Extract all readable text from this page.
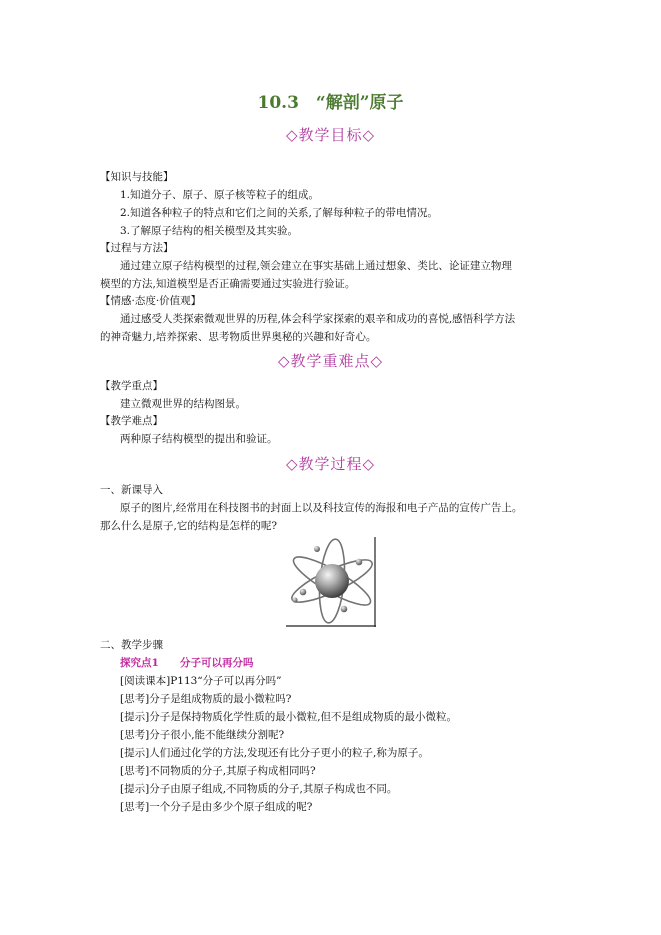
10.3　“解剖”原子
◇教学目标◇
【知识与技能】
1.知道分子、原子、原子核等粒子的组成。
2.知道各种粒子的特点和它们之间的关系,了解每种粒子的带电情况。
3.了解原子结构的相关模型及其实验。
【过程与方法】
通过建立原子结构模型的过程,领会建立在事实基础上通过想象、类比、论证建立物理
模型的方法,知道模型是否正确需要通过实验进行验证。
【情感·态度·价值观】
通过感受人类探索微观世界的历程,体会科学家探索的艰辛和成功的喜悦,感悟科学方法
的神奇魅力,培养探索、思考物质世界奥秘的兴趣和好奇心。
◇教学重难点◇
【教学重点】
建立微观世界的结构图景。
【教学难点】
两种原子结构模型的提出和验证。
◇教学过程◇
一、新课导入
原子的图片,经常用在科技图书的封面上以及科技宣传的海报和电子产品的宣传广告上。
那么什么是原子,它的结构是怎样的呢?
二、教学步骤
探究点1 分子可以再分吗
[阅读课本]P113“分子可以再分吗”
[思考]分子是组成物质的最小微粒吗?
[提示]分子是保持物质化学性质的最小微粒,但不是组成物质的最小微粒。
[思考]分子很小,能不能继续分割呢?
[提示]人们通过化学的方法,发现还有比分子更小的粒子,称为原子。
[思考]不同物质的分子,其原子构成相同吗?
[提示]分子由原子组成,不同物质的分子,其原子构成也不同。
[思考]一个分子是由多少个原子组成的呢?
